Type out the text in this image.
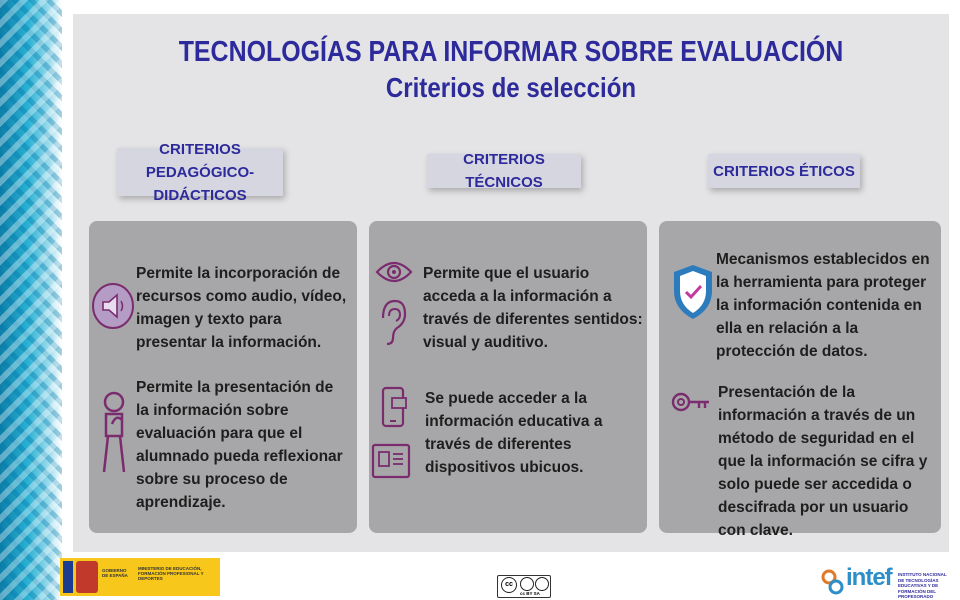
TECNOLOGÍAS PARA INFORMAR SOBRE EVALUACIÓN
Criterios de selección
CRITERIOS PEDAGÓGICO-DIDÁCTICOS
CRITERIOS TÉCNICOS
CRITERIOS ÉTICOS
Permite la incorporación de recursos como audio, vídeo, imagen y texto para presentar la información.
Permite la presentación de la información sobre evaluación para que el alumnado pueda reflexionar sobre su proceso de aprendizaje.
Permite que el usuario acceda a la información a través de diferentes sentidos: visual y auditivo.
Se puede acceder a la información educativa a través de diferentes dispositivos ubicuos.
Mecanismos establecidos en la herramienta para proteger la información contenida en ella en relación a la protección de datos.
Presentación de la información a través de un método de seguridad en el que la información se cifra y solo puede ser accedida o descifrada por un usuario con clave.
GOBIERNO DE ESPAÑA
MINISTERIO DE EDUCACIÓN, FORMACIÓN PROFESIONAL Y DEPORTES
cc
cc BY SA
intef INSTITUTO NACIONAL DE TECNOLOGÍAS EDUCATIVAS Y DE FORMACIÓN DEL PROFESORADO
